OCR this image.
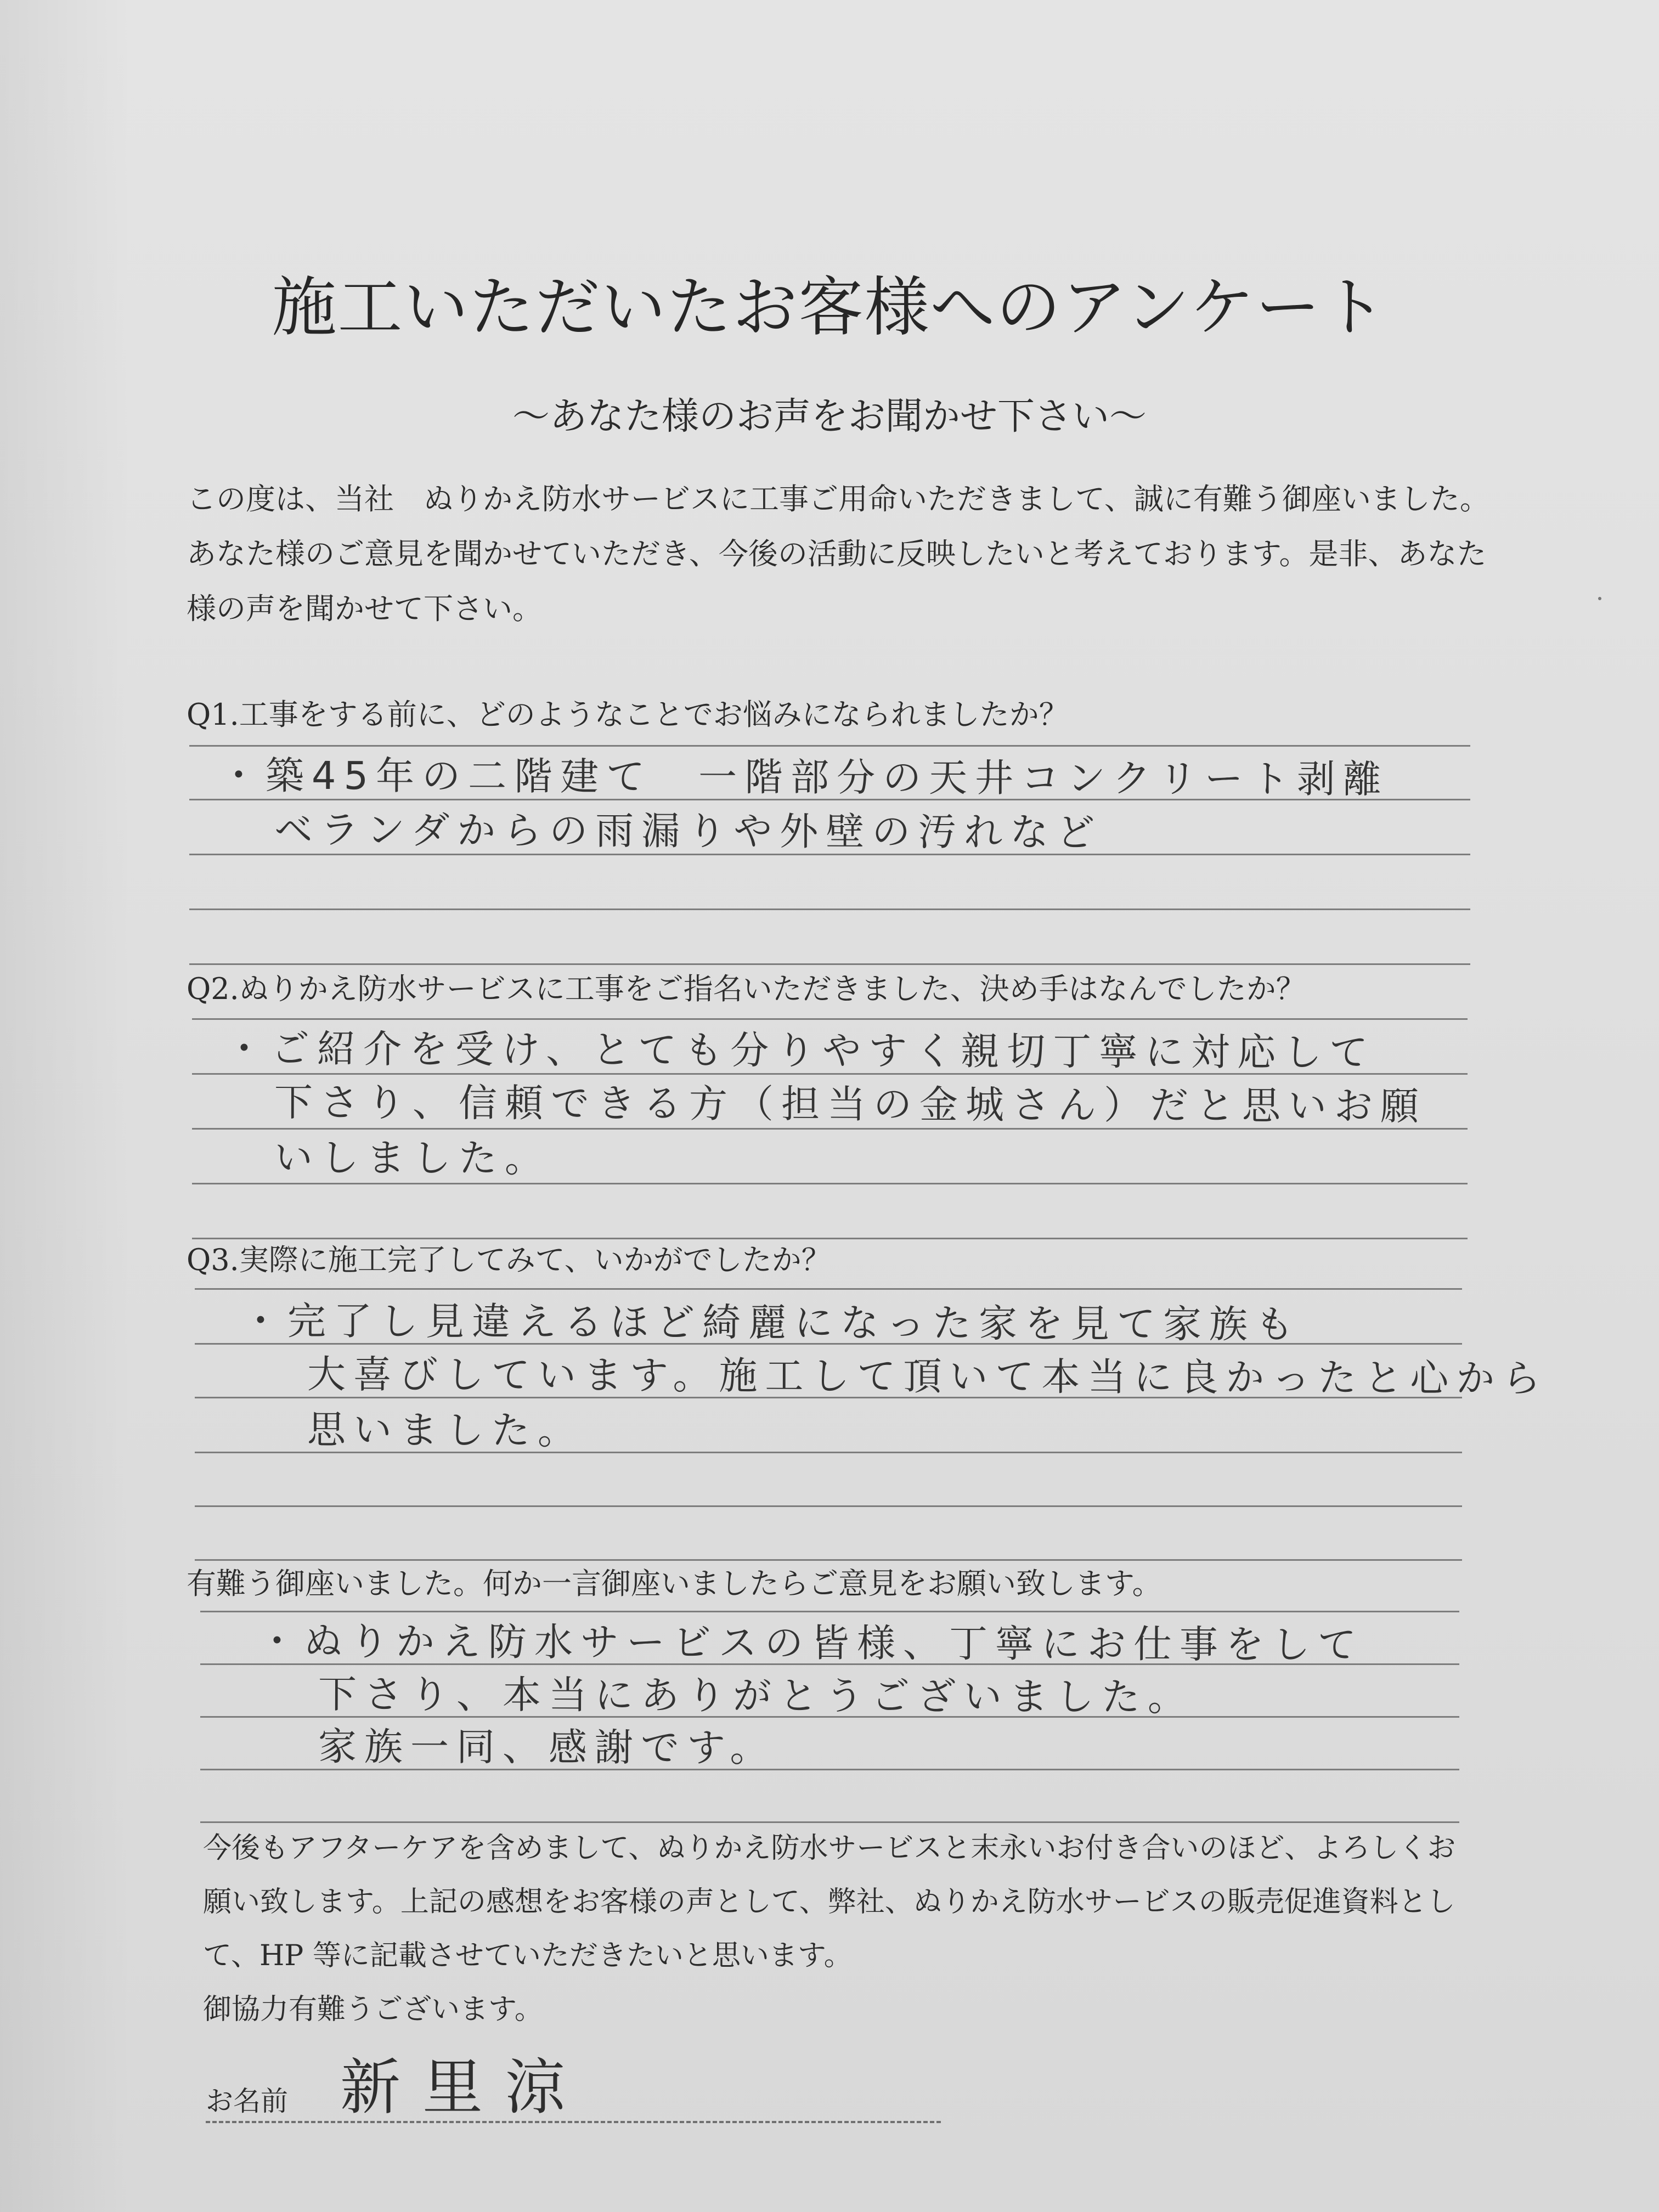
施工いただいたお客様へのアンケート
～あなた様のお声をお聞かせ下さい～
この度は、当社　ぬりかえ防水サービスに工事ご用命いただきまして、誠に有難う御座いました。
あなた様のご意見を聞かせていただき、今後の活動に反映したいと考えております。是非、あなた
様の声を聞かせて下さい。
Q1.工事をする前に、どのようなことでお悩みになられましたか？
・築45年の二階建て　一階部分の天井コンクリート剥離
ベランダからの雨漏りや外壁の汚れなど
Q2.ぬりかえ防水サービスに工事をご指名いただきました、決め手はなんでしたか？
・ご紹介を受け、とても分りやすく親切丁寧に対応して
下さり、信頼できる方（担当の金城さん）だと思いお願
いしました。
Q3.実際に施工完了してみて、いかがでしたか？
・完了し見違えるほど綺麗になった家を見て家族も
大喜びしています。施工して頂いて本当に良かったと心から
思いました。
有難う御座いました。何か一言御座いましたらご意見をお願い致します。
・ぬりかえ防水サービスの皆様、丁寧にお仕事をして
下さり、本当にありがとうございました。
家族一同、感謝です。
今後もアフターケアを含めまして、ぬりかえ防水サービスと末永いお付き合いのほど、よろしくお
願い致します。上記の感想をお客様の声として、弊社、ぬりかえ防水サービスの販売促進資料とし
て、HP 等に記載させていただきたいと思います。
御協力有難うございます。
お名前 新里涼
